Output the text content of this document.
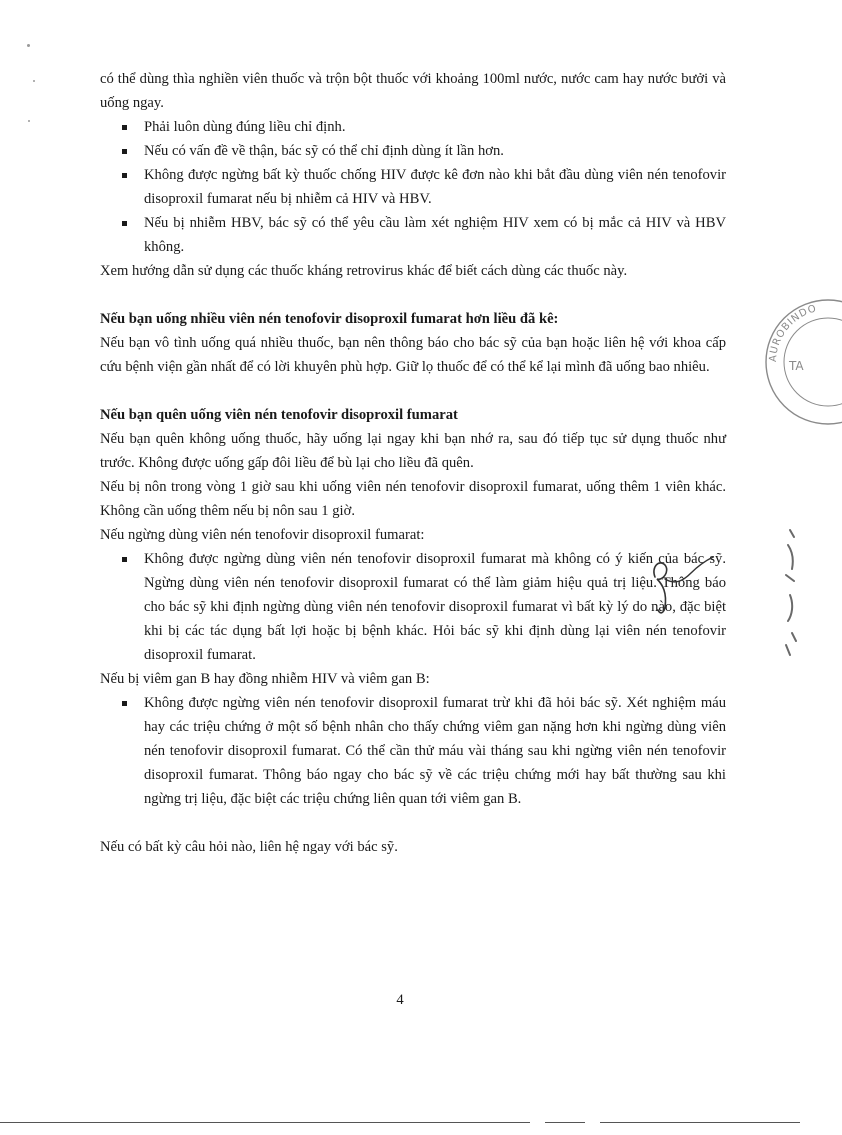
có thể dùng thìa nghiền viên thuốc và trộn bột thuốc với khoảng 100ml nước, nước cam hay nước bưởi và uống ngay.

Phải luôn dùng đúng liều chỉ định.
Nếu có vấn đề về thận, bác sỹ có thể chỉ định dùng ít lần hơn.
Không được ngừng bất kỳ thuốc chống HIV được kê đơn nào khi bắt đầu dùng viên nén tenofovir disoproxil fumarat nếu bị nhiễm cả HIV và HBV.
Nếu bị nhiễm HBV, bác sỹ có thể yêu cầu làm xét nghiệm HIV xem có bị mắc cả HIV và HBV không.

Xem hướng dẫn sử dụng các thuốc kháng retrovirus khác để biết cách dùng các thuốc này.

Nếu bạn uống nhiều viên nén tenofovir disoproxil fumarat hơn liều đã kê:

Nếu bạn vô tình uống quá nhiều thuốc, bạn nên thông báo cho bác sỹ của bạn hoặc liên hệ với khoa cấp cứu bệnh viện gần nhất để có lời khuyên phù hợp. Giữ lọ thuốc để có thể kể lại mình đã uống bao nhiêu.

Nếu bạn quên uống viên nén tenofovir disoproxil fumarat

Nếu bạn quên không uống thuốc, hãy uống lại ngay khi bạn nhớ ra, sau đó tiếp tục sử dụng thuốc như trước. Không được uống gấp đôi liều để bù lại cho liều đã quên.

Nếu bị nôn trong vòng 1 giờ sau khi uống viên nén tenofovir disoproxil fumarat, uống thêm 1 viên khác. Không cần uống thêm nếu bị nôn sau 1 giờ.

Nếu ngừng dùng viên nén tenofovir disoproxil fumarat:

Không được ngừng dùng viên nén tenofovir disoproxil fumarat mà không có ý kiến của bác sỹ. Ngừng dùng viên nén tenofovir disoproxil fumarat có thể làm giảm hiệu quả trị liệu. Thông báo cho bác sỹ khi định ngừng dùng viên nén tenofovir disoproxil fumarat vì bất kỳ lý do nào, đặc biệt khi bị các tác dụng bất lợi hoặc bị bệnh khác. Hỏi bác sỹ khi định dùng lại viên nén tenofovir disoproxil fumarat.

Nếu bị viêm gan B hay đồng nhiễm HIV và viêm gan B:

Không được ngừng viên nén tenofovir disoproxil fumarat trừ khi đã hỏi bác sỹ. Xét nghiệm máu hay các triệu chứng ở một số bệnh nhân cho thấy chứng viêm gan nặng hơn khi ngừng dùng viên nén tenofovir disoproxil fumarat. Có thể cần thử máu vài tháng sau khi ngừng viên nén tenofovir disoproxil fumarat. Thông báo ngay cho bác sỹ về các triệu chứng mới hay bất thường sau khi ngừng trị liệu, đặc biệt các triệu chứng liên quan tới viêm gan B.

Nếu có bất kỳ câu hỏi nào, liên hệ ngay với bác sỹ.

4
AUROBINDO
TA
